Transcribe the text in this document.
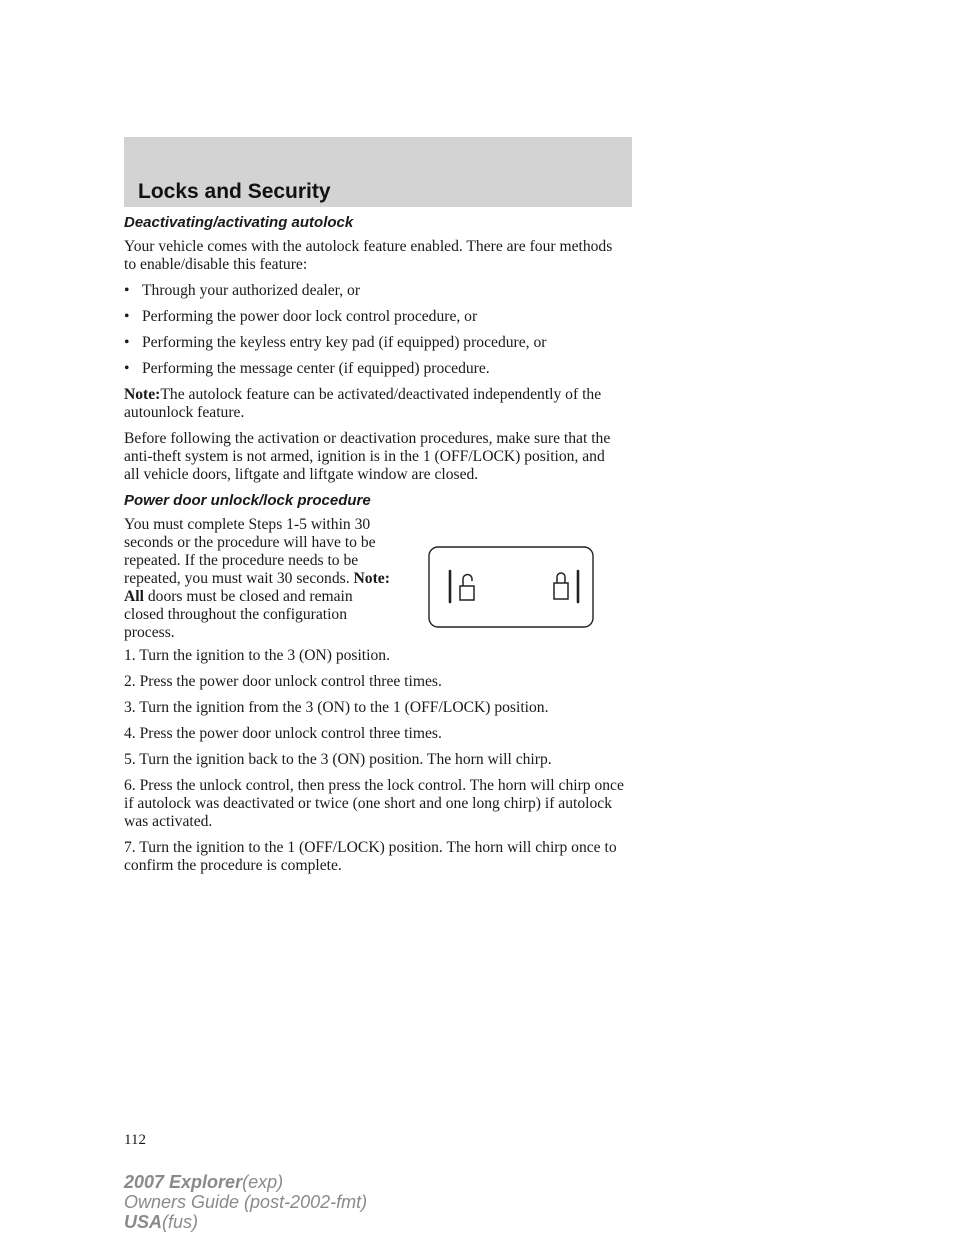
Locks and Security
Deactivating/activating autolock

Your vehicle comes with the autolock feature enabled. There are four methods to enable/disable this feature:

• Through your authorized dealer, or
• Performing the power door lock control procedure, or
• Performing the keyless entry key pad (if equipped) procedure, or
• Performing the message center (if equipped) procedure.

Note:The autolock feature can be activated/deactivated independently of the autounlock feature.

Before following the activation or deactivation procedures, make sure that the anti-theft system is not armed, ignition is in the 1 (OFF/LOCK) position, and all vehicle doors, liftgate and liftgate window are closed.

Power door unlock/lock procedure
You must complete Steps 1-5 within 30 seconds or the procedure will have to be repeated. If the procedure needs to be repeated, you must wait 30 seconds. Note: All doors must be closed and remain closed throughout the configuration process.

1. Turn the ignition to the 3 (ON) position.

2. Press the power door unlock control three times.

3. Turn the ignition from the 3 (ON) to the 1 (OFF/LOCK) position.

4. Press the power door unlock control three times.

5. Turn the ignition back to the 3 (ON) position. The horn will chirp.

6. Press the unlock control, then press the lock control. The horn will chirp once if autolock was deactivated or twice (one short and one long chirp) if autolock was activated.

7. Turn the ignition to the 1 (OFF/LOCK) position. The horn will chirp once to confirm the procedure is complete.

112
2007 Explorer(exp)
Owners Guide (post-2002-fmt)
USA(fus)
